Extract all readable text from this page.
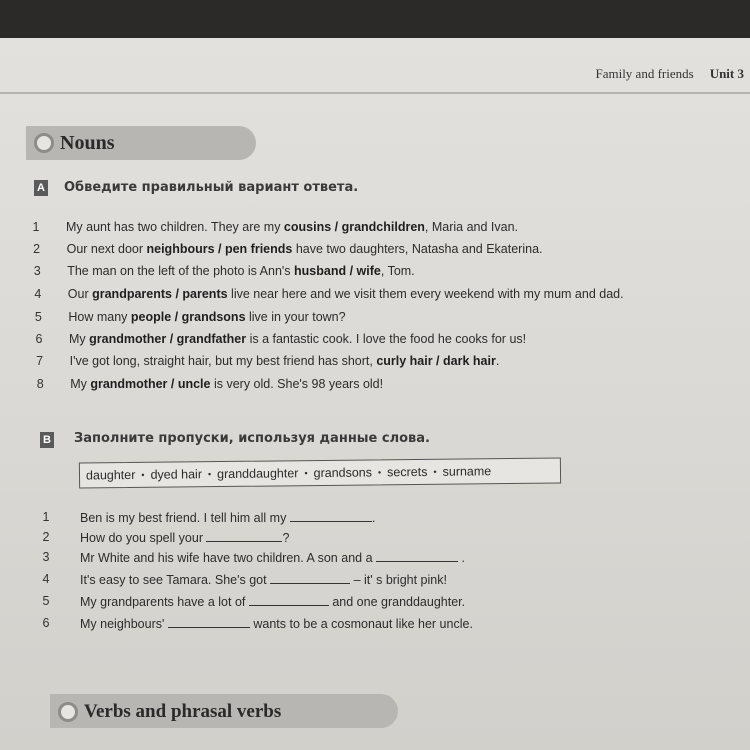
Family and friends Unit 3
Nouns
A Обведите правильный вариант ответа.
1 My aunt has two children. They are my cousins / grandchildren, Maria and Ivan.
2 Our next door neighbours / pen friends have two daughters, Natasha and Ekaterina.
3 The man on the left of the photo is Ann's husband / wife, Tom.
4 Our grandparents / parents live near here and we visit them every weekend with my mum and dad.
5 How many people / grandsons live in your town?
6 My grandmother / grandfather is a fantastic cook. I love the food he cooks for us!
7 I've got long, straight hair, but my best friend has short, curly hair / dark hair.
8 My grandmother / uncle is very old. She's 98 years old!
B Заполните пропуски, используя данные слова.
daughter • dyed hair • granddaughter • grandsons • secrets • surname
1 Ben is my best friend. I tell him all my	.
2 How do you spell your	?
3 Mr White and his wife have two children. A son and a	.
4 It's easy to see Tamara. She's got	– it' s bright pink!
5 My grandparents have a lot of	and one granddaughter.
6 My neighbours'	wants to be a cosmonaut like her uncle.
Verbs and phrasal verbs
